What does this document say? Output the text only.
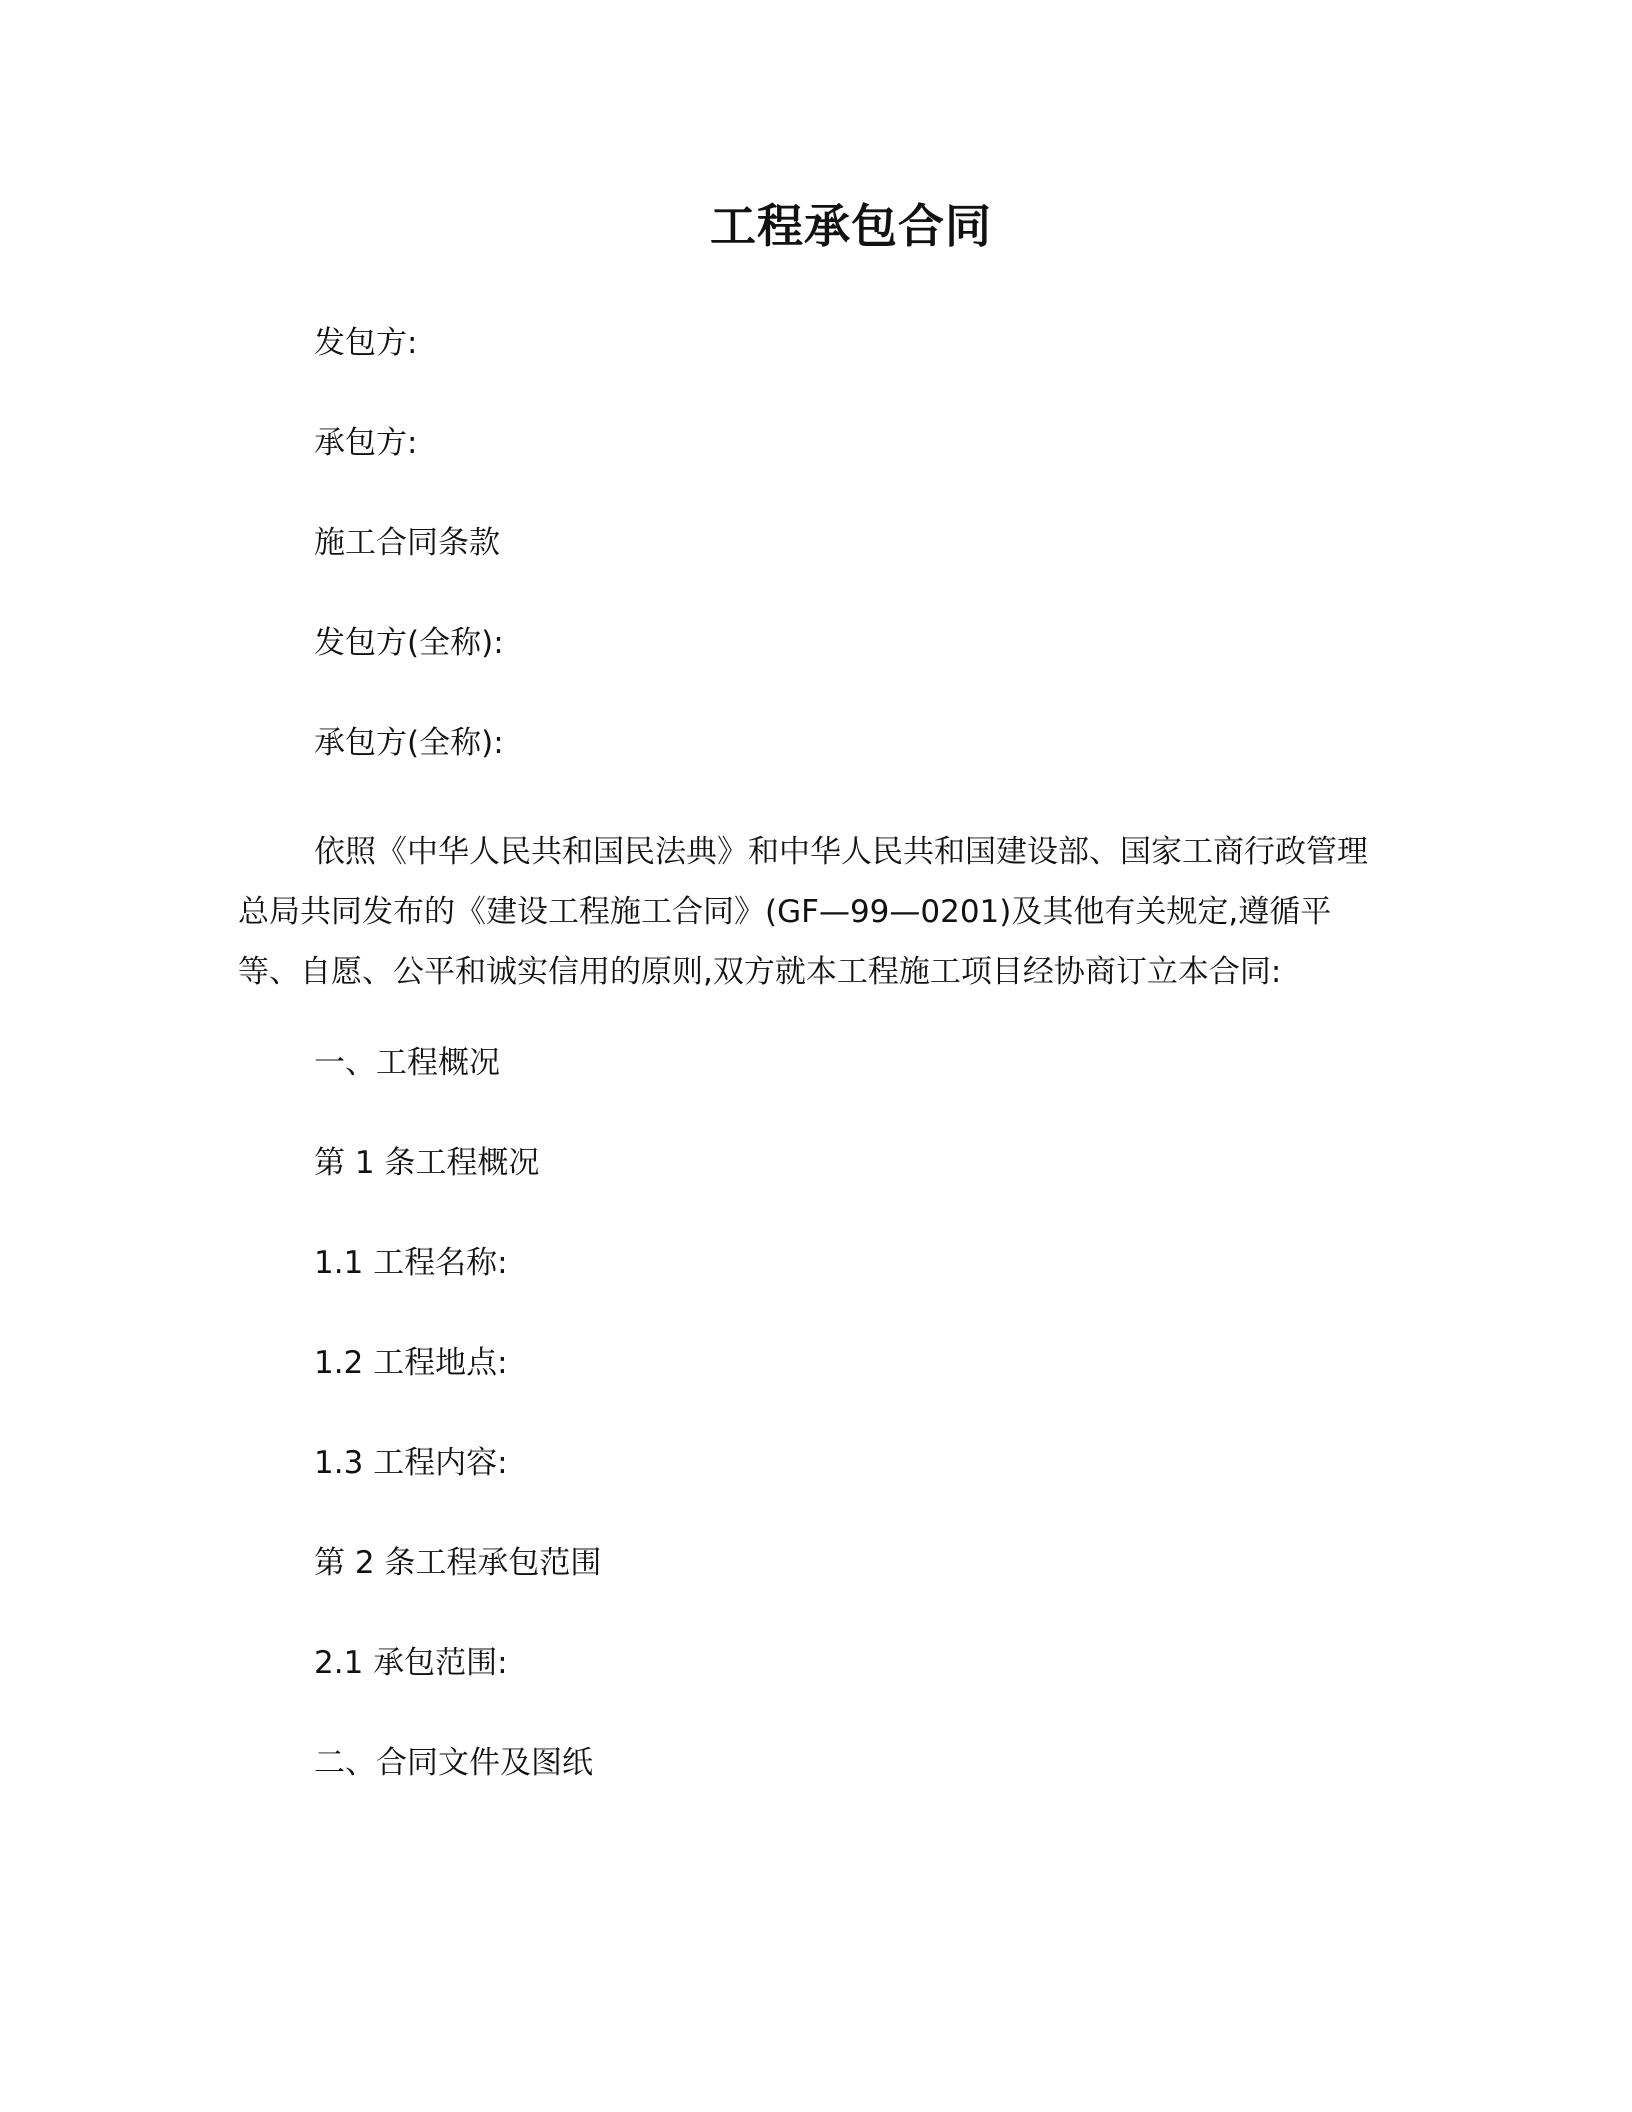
工程承包合同
发包方:
承包方:
施工合同条款
发包方(全称):
承包方(全称):
依照《中华人民共和国民法典》和中华人民共和国建设部、国家工商行政管理总局共同发布的《建设工程施工合同》(GF—99—0201)及其他有关规定,遵循平等、自愿、公平和诚实信用的原则,双方就本工程施工项目经协商订立本合同:
一、工程概况
第 1 条工程概况
1.1 工程名称:
1.2 工程地点:
1.3 工程内容:
第 2 条工程承包范围
2.1 承包范围:
二、合同文件及图纸
